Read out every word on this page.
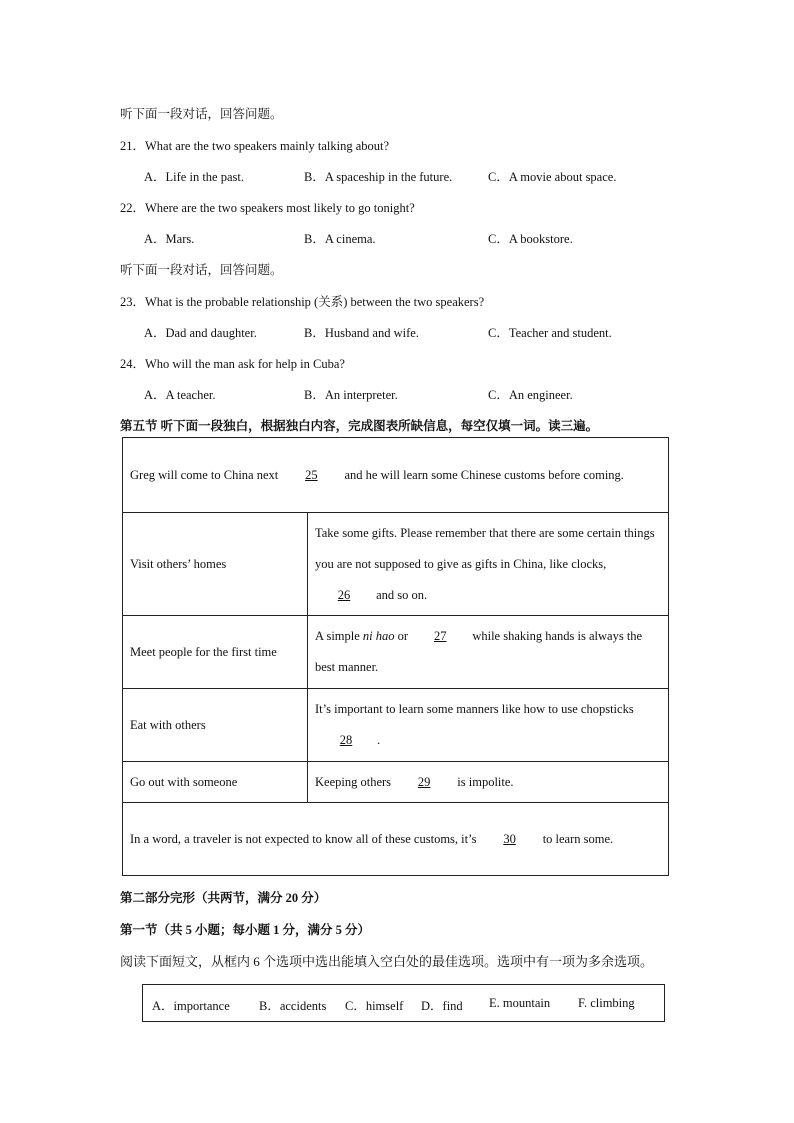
听下面一段对话，回答问题。
21．What are the two speakers mainly talking about?
A．Life in the past.	B．A spaceship in the future.	C．A movie about space.
22．Where are the two speakers most likely to go tonight?
A．Mars.	B．A cinema.	C．A bookstore.
听下面一段对话，回答问题。
23．What is the probable relationship (关系) between the two speakers?
A．Dad and daughter.	B．Husband and wife.	C．Teacher and student.
24．Who will the man ask for help in Cuba?
A．A teacher.	B．An interpreter.	C．An engineer.
第五节 听下面一段独白，根据独白内容，完成图表所缺信息，每空仅填一词。读三遍。
Greg will come to China next 25 and he will learn some Chinese customs before coming.	
Visit others’ homes	Take some gifts. Please remember that there are some certain things you are not supposed to give as gifts in China, like clocks, 26 and so on.
Meet people for the first time	A simple ni hao or 27 while shaking hands is always the best manner.
Eat with others	It’s important to learn some manners like how to use chopsticks 28 .
Go out with someone	Keeping others 29 is impolite.
In a word, a traveler is not expected to know all of these customs, it’s 30 to learn some.	
第二部分完形（共两节，满分 20 分）
第一节（共 5 小题；每小题 1 分，满分 5 分）
阅读下面短文，从框内 6 个选项中选出能填入空白处的最佳选项。选项中有一项为多余选项。
A．importance B．accidents C．himself D．find E. mountain F. climbing
